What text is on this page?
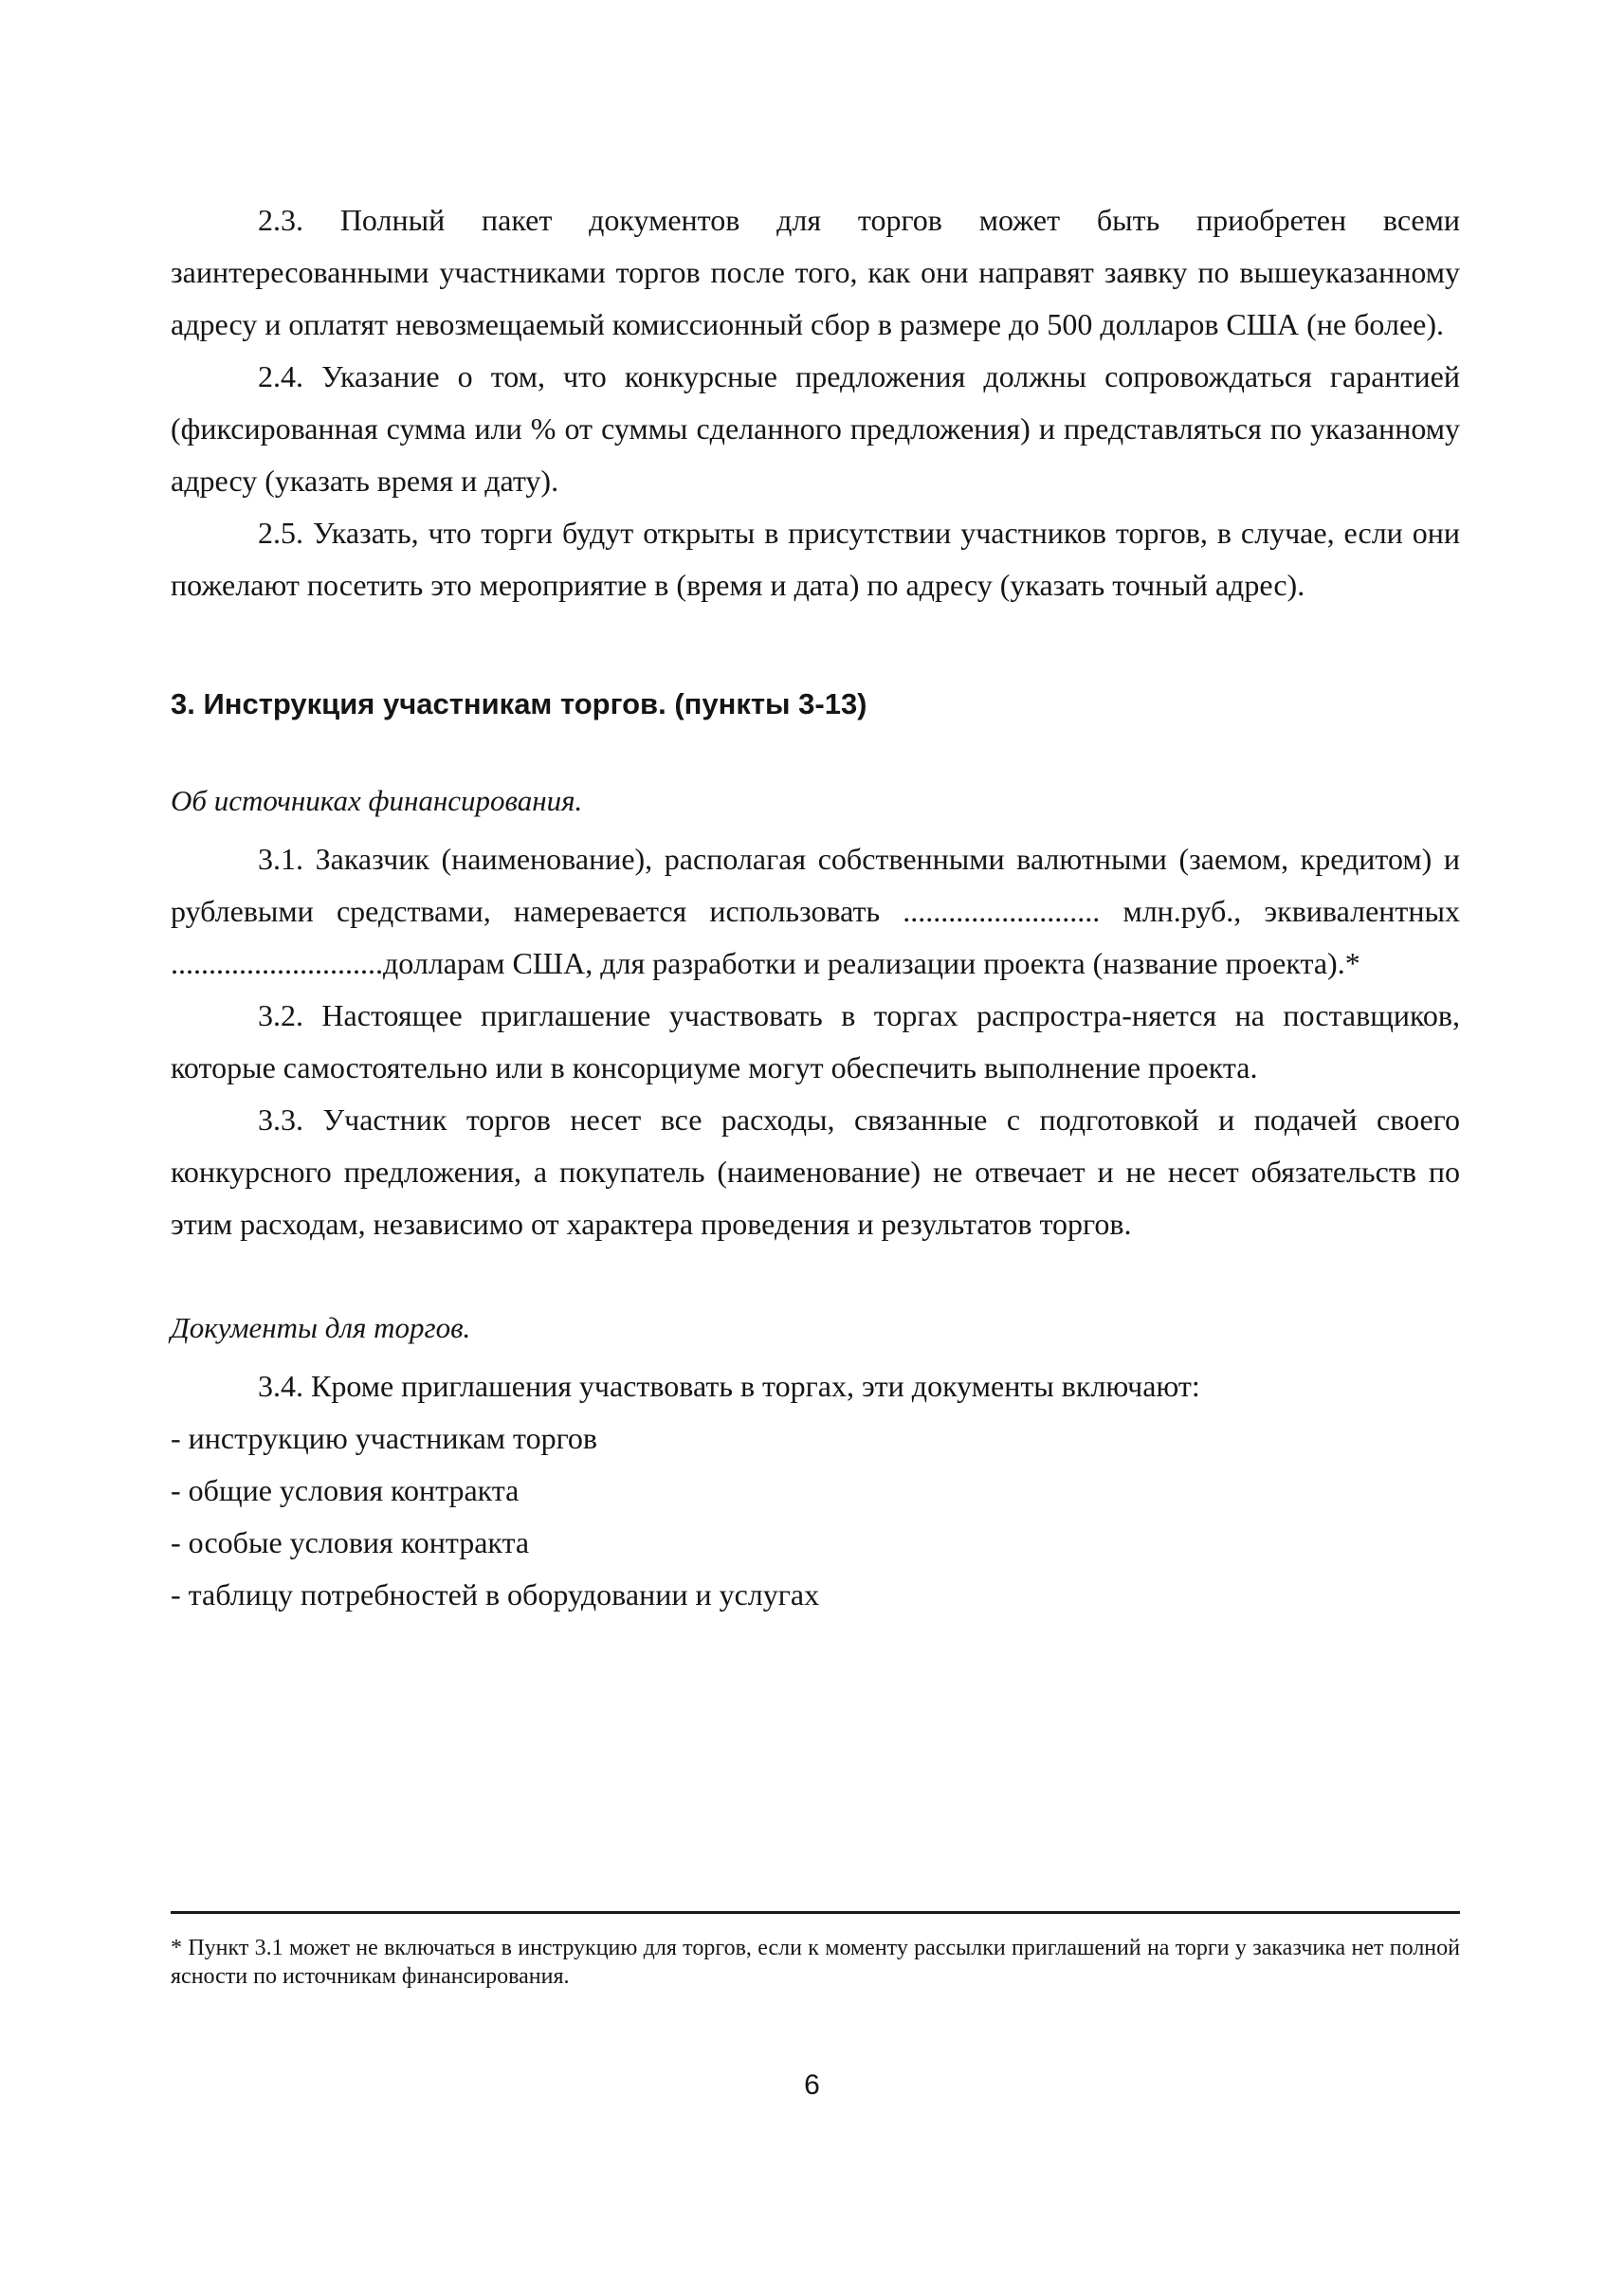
2.3. Полный пакет документов для торгов может быть приобретен всеми заинтересованными участниками торгов после того, как они направят заявку по вышеуказанному адресу и оплатят невозмещаемый комиссионный сбор в размере до 500 долларов США (не более).

2.4. Указание о том, что конкурсные предложения должны сопровождаться гарантией (фиксированная сумма или % от суммы сделанного предложения) и представляться по указанному адресу (указать время и дату).

2.5. Указать, что торги будут открыты в присутствии участников торгов, в случае, если они пожелают посетить это мероприятие в (время и дата) по адресу (указать точный адрес).

3. Инструкция участникам торгов. (пункты 3-13)
Об источниках финансирования.

3.1. Заказчик (наименование), располагая собственными валютными (заемом, кредитом) и рублевыми средствами, намеревается использовать .......................... млн.руб., эквивалентных ............................долларам США, для разработки и реализации проекта (название проекта).*

3.2. Настоящее приглашение участвовать в торгах распростра-няется на поставщиков, которые самостоятельно или в консорциуме могут обеспечить выполнение проекта.

3.3. Участник торгов несет все расходы, связанные с подготовкой и подачей своего конкурсного предложения, а покупатель (наименование) не отвечает и не несет обязательств по этим расходам, независимо от характера проведения и результатов торгов.

Документы для торгов.

3.4. Кроме приглашения участвовать в торгах, эти документы включают:

- инструкцию участникам торгов
- общие условия контракта
- особые условия контракта
- таблицу потребностей в оборудовании и услугах

* Пункт 3.1 может не включаться в инструкцию для торгов, если к моменту рассылки приглашений на торги у заказчика нет полной ясности по источникам финансирования.

6
